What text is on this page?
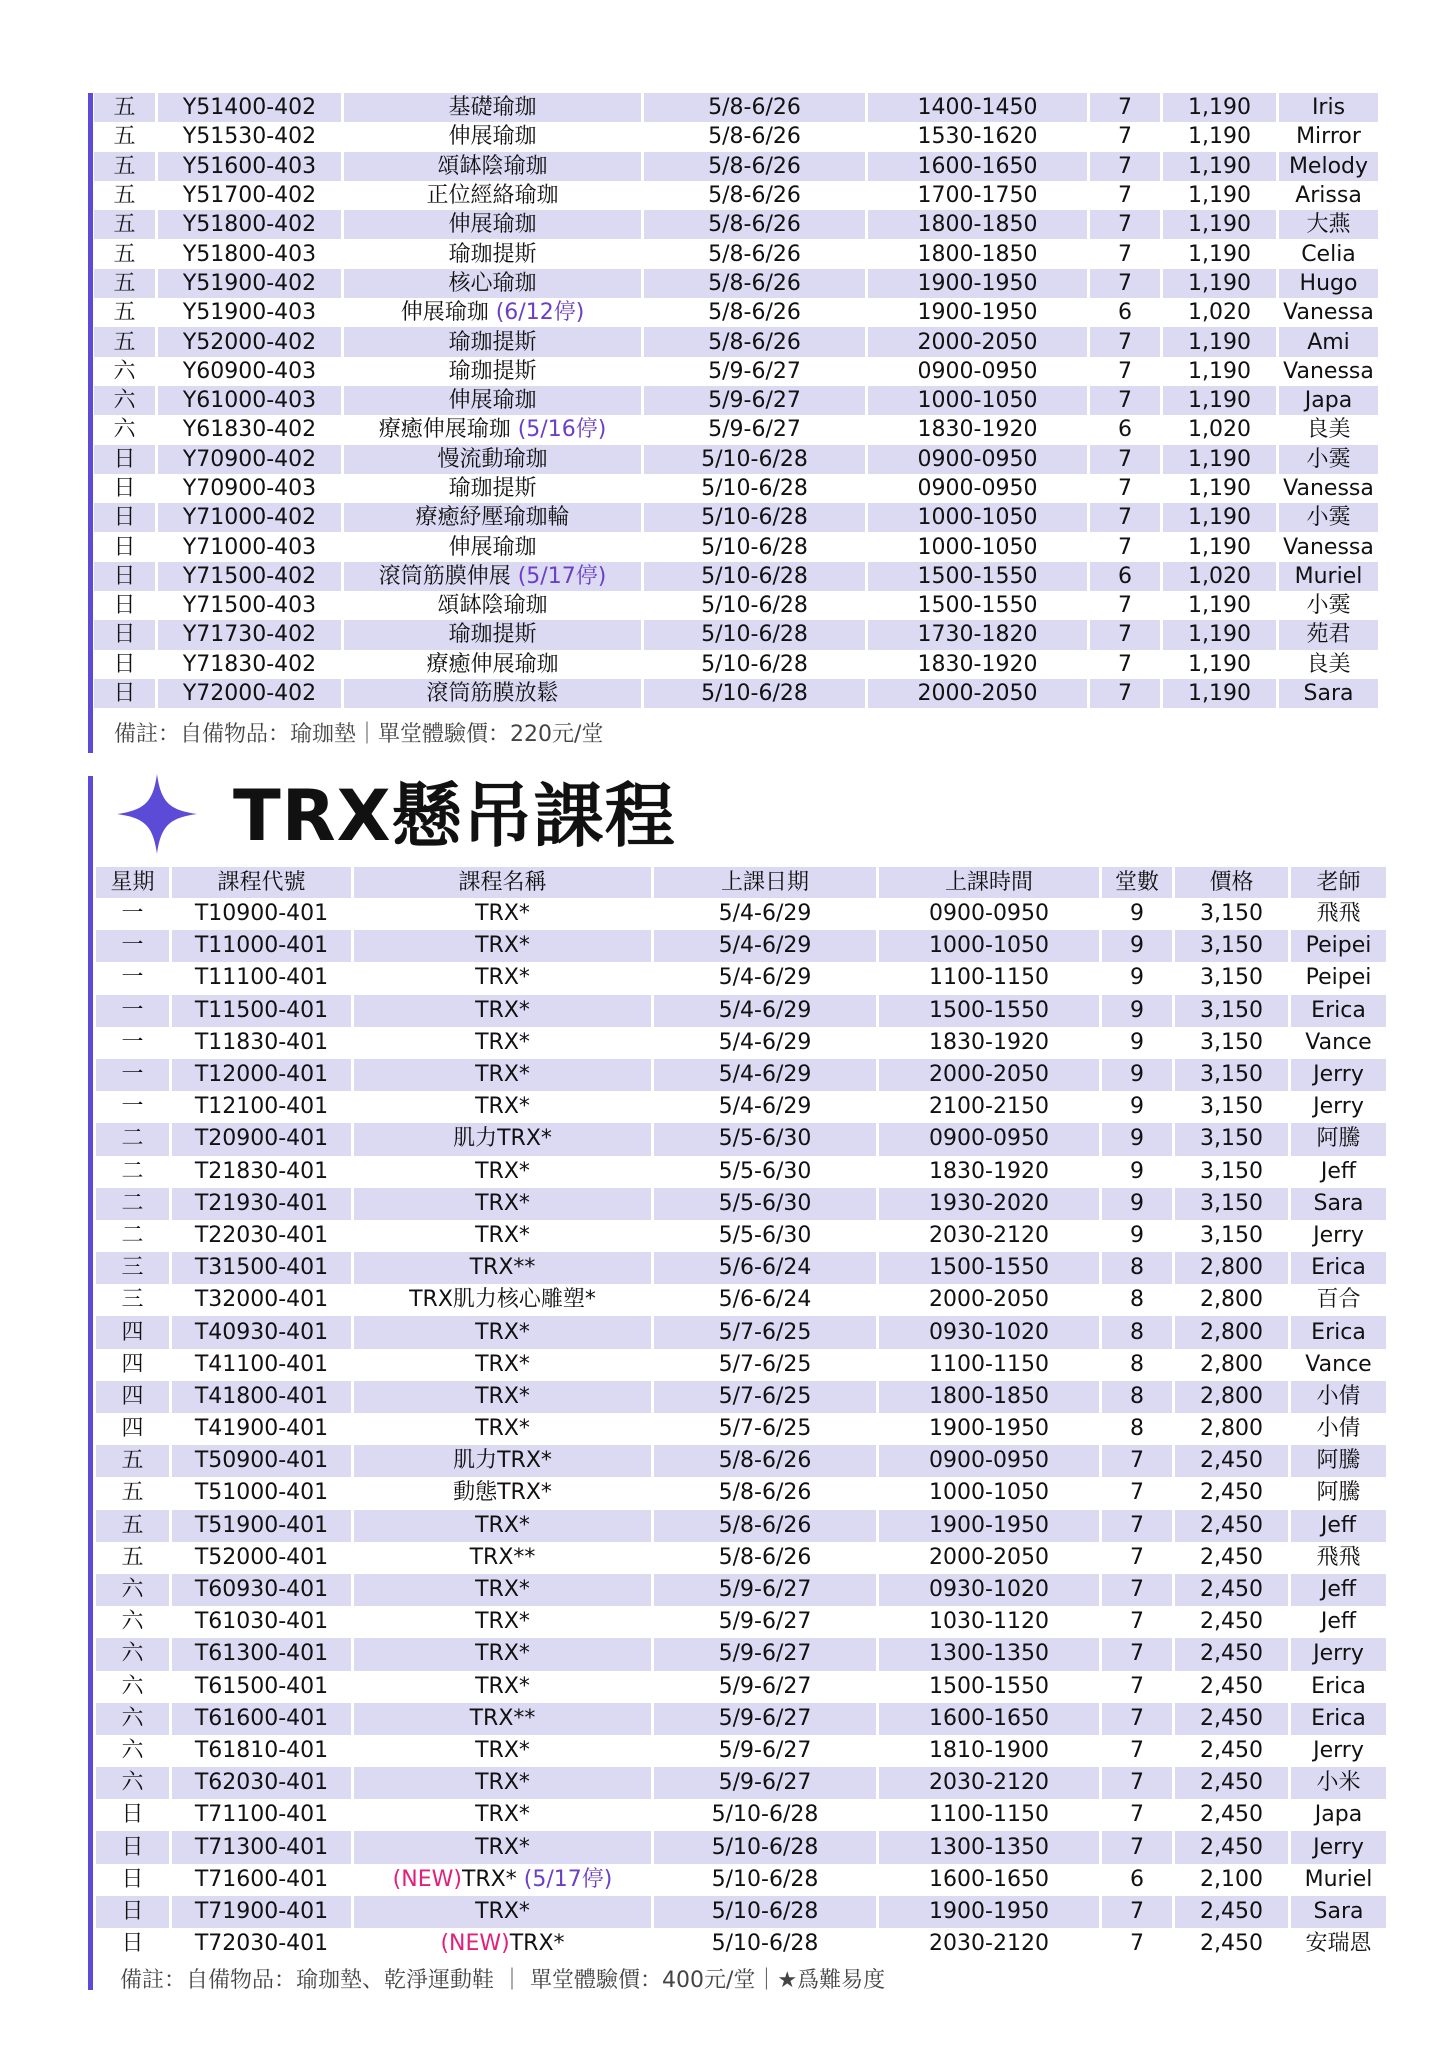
五	Y51400-402	基礎瑜珈	5/8-6/26	1400-1450	7	1,190	Iris
五	Y51530-402	伸展瑜珈	5/8-6/26	1530-1620	7	1,190	Mirror
五	Y51600-403	頌缽陰瑜珈	5/8-6/26	1600-1650	7	1,190	Melody
五	Y51700-402	正位經絡瑜珈	5/8-6/26	1700-1750	7	1,190	Arissa
五	Y51800-402	伸展瑜珈	5/8-6/26	1800-1850	7	1,190	大燕
五	Y51800-403	瑜珈提斯	5/8-6/26	1800-1850	7	1,190	Celia
五	Y51900-402	核心瑜珈	5/8-6/26	1900-1950	7	1,190	Hugo
五	Y51900-403	伸展瑜珈 (6/12停)	5/8-6/26	1900-1950	6	1,020	Vanessa
五	Y52000-402	瑜珈提斯	5/8-6/26	2000-2050	7	1,190	Ami
六	Y60900-403	瑜珈提斯	5/9-6/27	0900-0950	7	1,190	Vanessa
六	Y61000-403	伸展瑜珈	5/9-6/27	1000-1050	7	1,190	Japa
六	Y61830-402	療癒伸展瑜珈 (5/16停)	5/9-6/27	1830-1920	6	1,020	良美
日	Y70900-402	慢流動瑜珈	5/10-6/28	0900-0950	7	1,190	小霙
日	Y70900-403	瑜珈提斯	5/10-6/28	0900-0950	7	1,190	Vanessa
日	Y71000-402	療癒紓壓瑜珈輪	5/10-6/28	1000-1050	7	1,190	小霙
日	Y71000-403	伸展瑜珈	5/10-6/28	1000-1050	7	1,190	Vanessa
日	Y71500-402	滾筒筋膜伸展 (5/17停)	5/10-6/28	1500-1550	6	1,020	Muriel
日	Y71500-403	頌缽陰瑜珈	5/10-6/28	1500-1550	7	1,190	小霙
日	Y71730-402	瑜珈提斯	5/10-6/28	1730-1820	7	1,190	苑君
日	Y71830-402	療癒伸展瑜珈	5/10-6/28	1830-1920	7	1,190	良美
日	Y72000-402	滾筒筋膜放鬆	5/10-6/28	2000-2050	7	1,190	Sara
備註：自備物品：瑜珈墊｜單堂體驗價：220元/堂
TRX懸吊課程
星期	課程代號	課程名稱	上課日期	上課時間	堂數	價格	老師
一	T10900-401	TRX*	5/4-6/29	0900-0950	9	3,150	飛飛
一	T11000-401	TRX*	5/4-6/29	1000-1050	9	3,150	Peipei
一	T11100-401	TRX*	5/4-6/29	1100-1150	9	3,150	Peipei
一	T11500-401	TRX*	5/4-6/29	1500-1550	9	3,150	Erica
一	T11830-401	TRX*	5/4-6/29	1830-1920	9	3,150	Vance
一	T12000-401	TRX*	5/4-6/29	2000-2050	9	3,150	Jerry
一	T12100-401	TRX*	5/4-6/29	2100-2150	9	3,150	Jerry
二	T20900-401	肌力TRX*	5/5-6/30	0900-0950	9	3,150	阿騰
二	T21830-401	TRX*	5/5-6/30	1830-1920	9	3,150	Jeff
二	T21930-401	TRX*	5/5-6/30	1930-2020	9	3,150	Sara
二	T22030-401	TRX*	5/5-6/30	2030-2120	9	3,150	Jerry
三	T31500-401	TRX**	5/6-6/24	1500-1550	8	2,800	Erica
三	T32000-401	TRX肌力核心雕塑*	5/6-6/24	2000-2050	8	2,800	百合
四	T40930-401	TRX*	5/7-6/25	0930-1020	8	2,800	Erica
四	T41100-401	TRX*	5/7-6/25	1100-1150	8	2,800	Vance
四	T41800-401	TRX*	5/7-6/25	1800-1850	8	2,800	小倩
四	T41900-401	TRX*	5/7-6/25	1900-1950	8	2,800	小倩
五	T50900-401	肌力TRX*	5/8-6/26	0900-0950	7	2,450	阿騰
五	T51000-401	動態TRX*	5/8-6/26	1000-1050	7	2,450	阿騰
五	T51900-401	TRX*	5/8-6/26	1900-1950	7	2,450	Jeff
五	T52000-401	TRX**	5/8-6/26	2000-2050	7	2,450	飛飛
六	T60930-401	TRX*	5/9-6/27	0930-1020	7	2,450	Jeff
六	T61030-401	TRX*	5/9-6/27	1030-1120	7	2,450	Jeff
六	T61300-401	TRX*	5/9-6/27	1300-1350	7	2,450	Jerry
六	T61500-401	TRX*	5/9-6/27	1500-1550	7	2,450	Erica
六	T61600-401	TRX**	5/9-6/27	1600-1650	7	2,450	Erica
六	T61810-401	TRX*	5/9-6/27	1810-1900	7	2,450	Jerry
六	T62030-401	TRX*	5/9-6/27	2030-2120	7	2,450	小米
日	T71100-401	TRX*	5/10-6/28	1100-1150	7	2,450	Japa
日	T71300-401	TRX*	5/10-6/28	1300-1350	7	2,450	Jerry
日	T71600-401	(NEW)TRX* (5/17停)	5/10-6/28	1600-1650	6	2,100	Muriel
日	T71900-401	TRX*	5/10-6/28	1900-1950	7	2,450	Sara
日	T72030-401	(NEW)TRX*	5/10-6/28	2030-2120	7	2,450	安瑞恩
備註：自備物品：瑜珈墊、乾淨運動鞋 ｜ 單堂體驗價：400元/堂｜★爲難易度
